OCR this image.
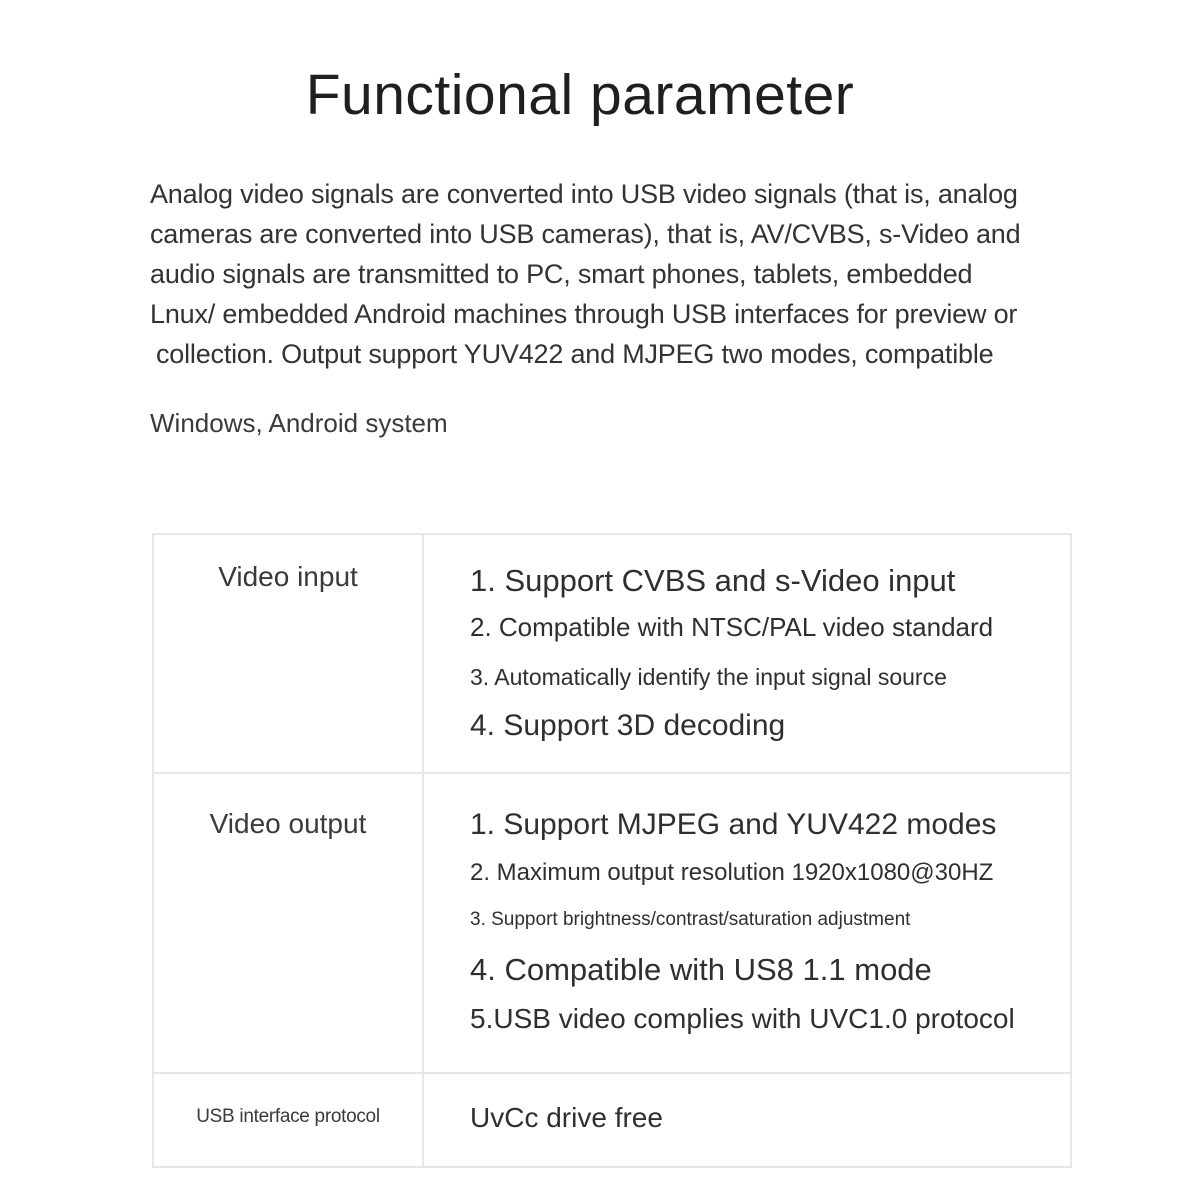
Functional parameter
Analog video signals are converted into USB video signals (that is, analog
cameras are converted into USB cameras), that is, AV/CVBS, s-Video and
audio signals are transmitted to PC, smart phones, tablets, embedded
Lnux/ embedded Android machines through USB interfaces for preview or
collection. Output support YUV422 and MJPEG two modes, compatible
Windows, Android system
Video input	1. Support CVBS and s-Video input
2. Compatible with NTSC/PAL video standard
3. Automatically identify the input signal source
4. Support 3D decoding
Video output	1. Support MJPEG and YUV422 modes
2. Maximum output resolution 1920x1080@30HZ
3. Support brightness/contrast/saturation adjustment
4. Compatible with US8 1.1 mode
5.USB video complies with UVC1.0 protocol
USB interface protocol	UvCc drive free
